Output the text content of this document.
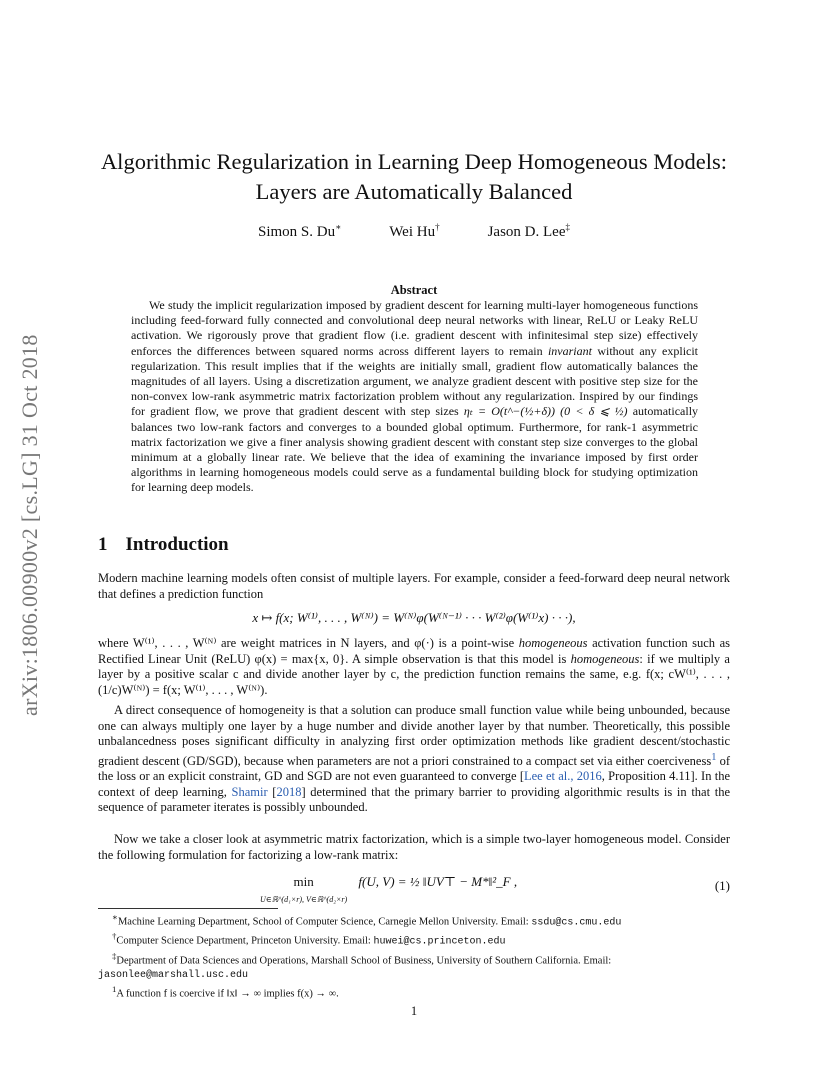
arXiv:1806.00900v2 [cs.LG] 31 Oct 2018
Algorithmic Regularization in Learning Deep Homogeneous Models: Layers are Automatically Balanced
Simon S. Du∗	Wei Hu†	Jason D. Lee‡
Abstract

We study the implicit regularization imposed by gradient descent for learning multi-layer homogeneous functions including feed-forward fully connected and convolutional deep neural networks with linear, ReLU or Leaky ReLU activation. We rigorously prove that gradient flow (i.e. gradient descent with infinitesimal step size) effectively enforces the differences between squared norms across different layers to remain invariant without any explicit regularization. This result implies that if the weights are initially small, gradient flow automatically balances the magnitudes of all layers. Using a discretization argument, we analyze gradient descent with positive step size for the non-convex low-rank asymmetric matrix factorization problem without any regularization. Inspired by our findings for gradient flow, we prove that gradient descent with step sizes ηₜ = O(t^−(½+δ)) (0 < δ ⩽ ½) automatically balances two low-rank factors and converges to a bounded global optimum. Furthermore, for rank-1 asymmetric matrix factorization we give a finer analysis showing gradient descent with constant step size converges to the global minimum at a globally linear rate. We believe that the idea of examining the invariance imposed by first order algorithms in learning homogeneous models could serve as a fundamental building block for studying optimization for learning deep models.

1 Introduction

Modern machine learning models often consist of multiple layers. For example, consider a feed-forward deep neural network that defines a prediction function

x ↦ f(x; W⁽¹⁾, . . . , W⁽ᴺ⁾) = W⁽ᴺ⁾φ(W⁽ᴺ⁻¹⁾ · · · W⁽²⁾φ(W⁽¹⁾x) · · ·),

where W⁽¹⁾, . . . , W⁽ᴺ⁾ are weight matrices in N layers, and φ(·) is a point-wise homogeneous activation function such as Rectified Linear Unit (ReLU) φ(x) = max{x, 0}. A simple observation is that this model is homogeneous: if we multiply a layer by a positive scalar c and divide another layer by c, the prediction function remains the same, e.g. f(x; cW⁽¹⁾, . . . , (1/c)W⁽ᴺ⁾) = f(x; W⁽¹⁾, . . . , W⁽ᴺ⁾).

A direct consequence of homogeneity is that a solution can produce small function value while being unbounded, because one can always multiply one layer by a huge number and divide another layer by that number. Theoretically, this possible unbalancedness poses significant difficulty in analyzing first order optimization methods like gradient descent/stochastic gradient descent (GD/SGD), because when parameters are not a priori constrained to a compact set via either coerciveness$^1$ of the loss or an explicit constraint, GD and SGD are not even guaranteed to converge [Lee et al., 2016, Proposition 4.11]. In the context of deep learning, Shamir [2018] determined that the primary barrier to providing algorithmic results is in that the sequence of parameter iterates is possibly unbounded.

Now we take a closer look at asymmetric matrix factorization, which is a simple two-layer homogeneous model. Consider the following formulation for factorizing a low-rank matrix:

min
U∈ℝ^(d₁×r), V∈ℝ^(d₂×r) f(U, V) = ½ ‖UV⊤ − M*‖²_F ,	(1)
∗Machine Learning Department, School of Computer Science, Carnegie Mellon University. Email: ssdu@cs.cmu.edu
†Computer Science Department, Princeton University. Email: huwei@cs.princeton.edu
‡Department of Data Sciences and Operations, Marshall School of Business, University of Southern California. Email: jasonlee@marshall.usc.edu
$^1$A function f is coercive if ‖x‖ → ∞ implies f(x) → ∞.
1
